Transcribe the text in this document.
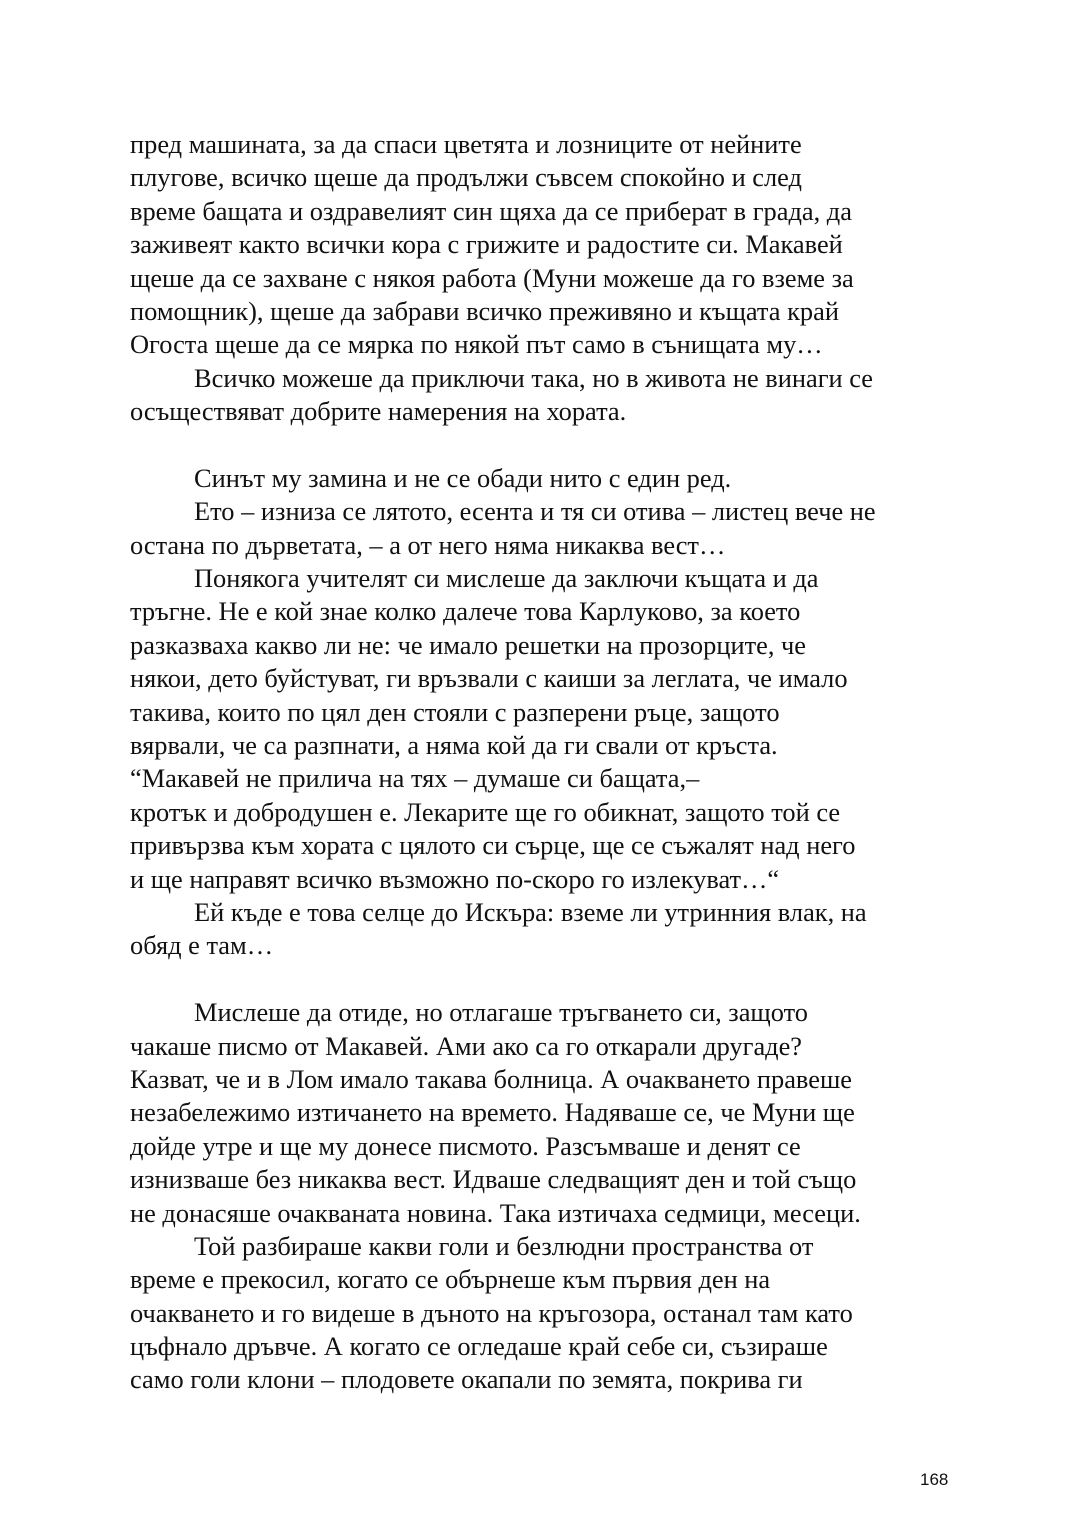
пред машината, за да спаси цветята и лозниците от нейните
плугове, всичко щеше да продължи съвсем спокойно и след
време бащата и оздравелият син щяха да се приберат в града, да
заживеят както всички кора с грижите и радостите си. Макавей
щеше да се захване с някоя работа (Муни можеше да го вземе за
помощник), щеше да забрави всичко преживяно и къщата край
Огоста щеше да се мярка по някой път само в сънищата му…
Всичко можеше да приключи така, но в живота не винаги се
осъществяват добрите намерения на хората.
Синът му замина и не се обади нито с един ред.
Ето – изниза се лятото, есента и тя си отива – листец вече не
остана по дърветата, – а от него няма никаква вест…
Понякога учителят си мислеше да заключи къщата и да
тръгне. Не е кой знае колко далече това Карлуково, за което
разказваха какво ли не: че имало решетки на прозорците, че
някои, дето буйстуват, ги връзвали с каиши за леглата, че имало
такива, които по цял ден стояли с разперени ръце, защото
вярвали, че са разпнати, а няма кой да ги свали от кръста.
“Макавей не прилича на тях – думаше си бащата,–
кротък и добродушен е. Лекарите ще го обикнат, защото той се
привързва към хората с цялото си сърце, ще се съжалят над него
и ще направят всичко възможно по-скоро го излекуват…“
Ей къде е това селце до Искъра: вземе ли утринния влак, на
обяд е там…
Мислеше да отиде, но отлагаше тръгването си, защото
чакаше писмо от Макавей. Ами ако са го откарали другаде?
Казват, че и в Лом имало такава болница. А очакването правеше
незабележимо изтичането на времето. Надяваше се, че Муни ще
дойде утре и ще му донесе писмото. Разсъмваше и денят се
изнизваше без никаква вест. Идваше следващият ден и той също
не донасяше очакваната новина. Така изтичаха седмици, месеци.
Той разбираше какви голи и безлюдни пространства от
време е прекосил, когато се обърнеше към първия ден на
очакването и го видеше в дъното на кръгозора, останал там като
цъфнало дръвче. А когато се огледаше край себе си, съзираше
само голи клони – плодовете окапали по земята, покрива ги
168
